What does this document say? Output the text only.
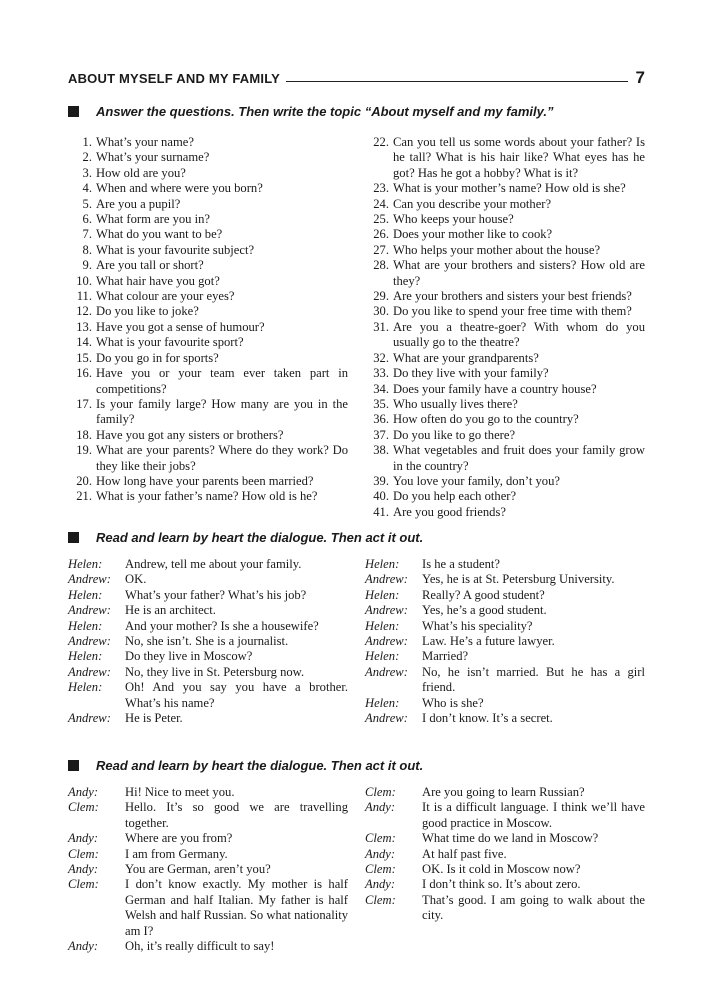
ABOUT MYSELF AND MY FAMILY	7
Answer the questions. Then write the topic “About myself and my family.”
1. What’s your name?
2. What’s your surname?
3. How old are you?
4. When and where were you born?
5. Are you a pupil?
6. What form are you in?
7. What do you want to be?
8. What is your favourite subject?
9. Are you tall or short?
10. What hair have you got?
11. What colour are your eyes?
12. Do you like to joke?
13. Have you got a sense of humour?
14. What is your favourite sport?
15. Do you go in for sports?
16. Have you or your team ever taken part in competitions?
17. Is your family large? How many are you in the family?
18. Have you got any sisters or brothers?
19. What are your parents? Where do they work? Do they like their jobs?
20. How long have your parents been married?
21. What is your father’s name? How old is he?
22. Can you tell us some words about your father? Is he tall? What is his hair like? What eyes has he got? Has he got a hobby? What is it?
23. What is your mother’s name? How old is she?
24. Can you describe your mother?
25. Who keeps your house?
26. Does your mother like to cook?
27. Who helps your mother about the house?
28. What are your brothers and sisters? How old are they?
29. Are your brothers and sisters your best friends?
30. Do you like to spend your free time with them?
31. Are you a theatre-goer? With whom do you usually go to the theatre?
32. What are your grandparents?
33. Do they live with your family?
34. Does your family have a country house?
35. Who usually lives there?
36. How often do you go to the country?
37. Do you like to go there?
38. What vegetables and fruit does your family grow in the country?
39. You love your family, don’t you?
40. Do you help each other?
41. Are you good friends?
Read and learn by heart the dialogue. Then act it out.
Helen:	Andrew, tell me about your family.
Andrew:	OK.
Helen:	What’s your father? What’s his job?
Andrew:	He is an architect.
Helen:	And your mother? Is she a housewife?
Andrew:	No, she isn’t. She is a journalist.
Helen:	Do they live in Moscow?
Andrew:	No, they live in St. Petersburg now.
Helen:	Oh! And you say you have a brother. What’s his name?
Andrew:	He is Peter.
Helen:	Is he a student?
Andrew:	Yes, he is at St. Petersburg University.
Helen:	Really? A good student?
Andrew:	Yes, he’s a good student.
Helen:	What’s his speciality?
Andrew:	Law. He’s a future lawyer.
Helen:	Married?
Andrew:	No, he isn’t married. But he has a girl friend.
Helen:	Who is she?
Andrew:	I don’t know. It’s a secret.
Read and learn by heart the dialogue. Then act it out.
Andy:	Hi! Nice to meet you.
Clem:	Hello. It’s so good we are travelling together.
Andy:	Where are you from?
Clem:	I am from Germany.
Andy:	You are German, aren’t you?
Clem:	I don’t know exactly. My mother is half German and half Italian. My father is half Welsh and half Russian. So what nationality am I?
Andy:	Oh, it’s really difficult to say!
Clem:	Are you going to learn Russian?
Andy:	It is a difficult language. I think we’ll have good practice in Moscow.
Clem:	What time do we land in Moscow?
Andy:	At half past five.
Clem:	OK. Is it cold in Moscow now?
Andy:	I don’t think so. It’s about zero.
Clem:	That’s good. I am going to walk about the city.
